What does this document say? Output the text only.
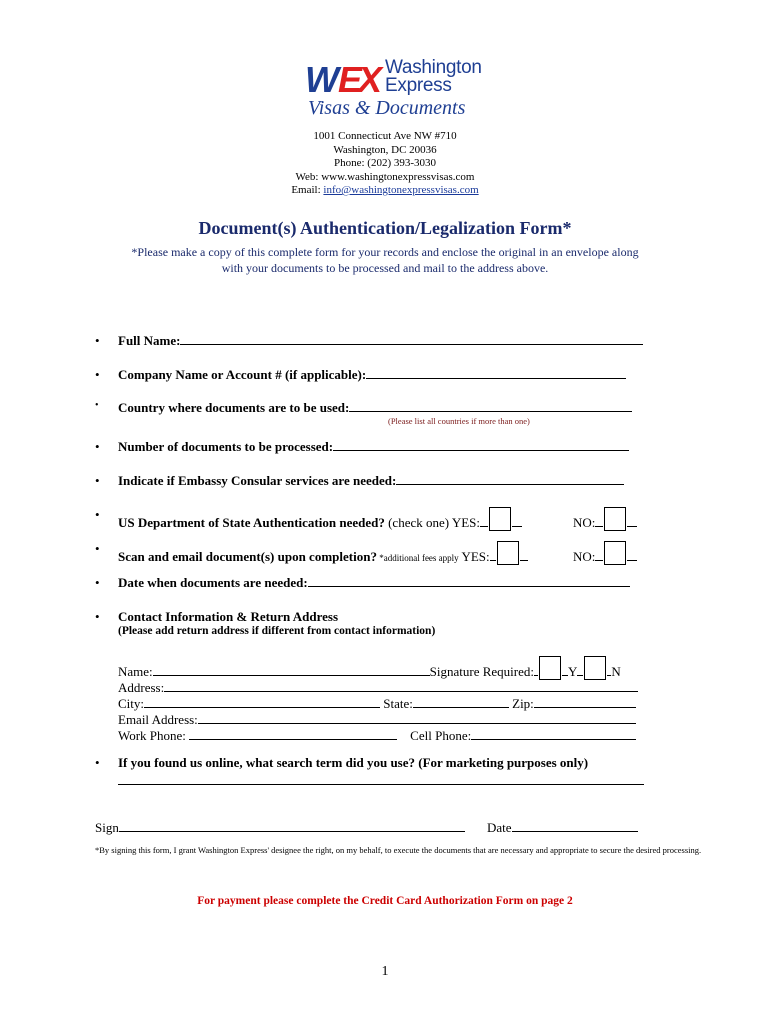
W EX Washington
Express
Visas & Documents
1001 Connecticut Ave NW #710
Washington, DC 20036
Phone: (202) 393-3030
Web: www.washingtonexpressvisas.com
Email: info@washingtonexpressvisas.com
Document(s) Authentication/Legalization Form*
*Please make a copy of this complete form for your records and enclose the original in an envelope along with your documents to be processed and mail to the address above.
• Full Name:
• Company Name or Account # (if applicable):
•	Country where documents are to be used:
(Please list all countries if more than one)
• Number of documents to be processed:
• Indicate if Embassy Consular services are needed:
•
US Department of State Authentication needed? (check one) YES:	NO:
•
Scan and email document(s) upon completion? *additional fees apply YES:	NO:
• Date when documents are needed:
• Contact Information & Return Address
(Please add return address if different from contact information)
Name:	Signature Required:	Y	N
Address:
City:	State:	Zip:
Email Address:
Work Phone:	Cell Phone:
• If you found us online, what search term did you use? (For marketing purposes only)
Sign	Date
*By signing this form, I grant Washington Express' designee the right, on my behalf, to execute the documents that are necessary and appropriate to secure the desired processing.
For payment please complete the Credit Card Authorization Form on page 2
1
